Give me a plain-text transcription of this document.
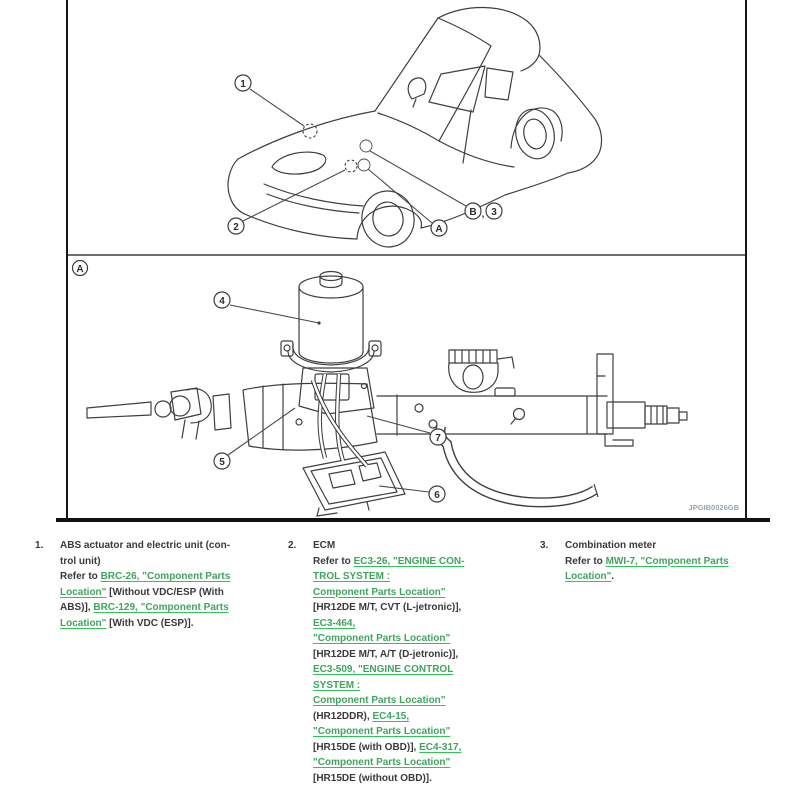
1
2	A
B , 3
A
4
5
6
7
JPGIB0026GB
1.	ABS actuator and electric unit (con-
trol unit)
Refer to BRC-26, "Component Parts
Location" [Without VDC/ESP (With
ABS)], BRC-129, "Component Parts
Location" [With VDC (ESP)].
2.	ECM
Refer to EC3-26, "ENGINE CON-
TROL SYSTEM :
Component Parts Location"
[HR12DE M/T, CVT (L-jetronic)],
EC3-464,
"Component Parts Location"
[HR12DE M/T, A/T (D-jetronic)],
EC3-509, "ENGINE CONTROL
SYSTEM :
Component Parts Location"
(HR12DDR), EC4-15,
"Component Parts Location"
[HR15DE (with OBD)], EC4-317,
"Component Parts Location"
[HR15DE (without OBD)].
3.	Combination meter
Refer to MWI-7, "Component Parts
Location".
